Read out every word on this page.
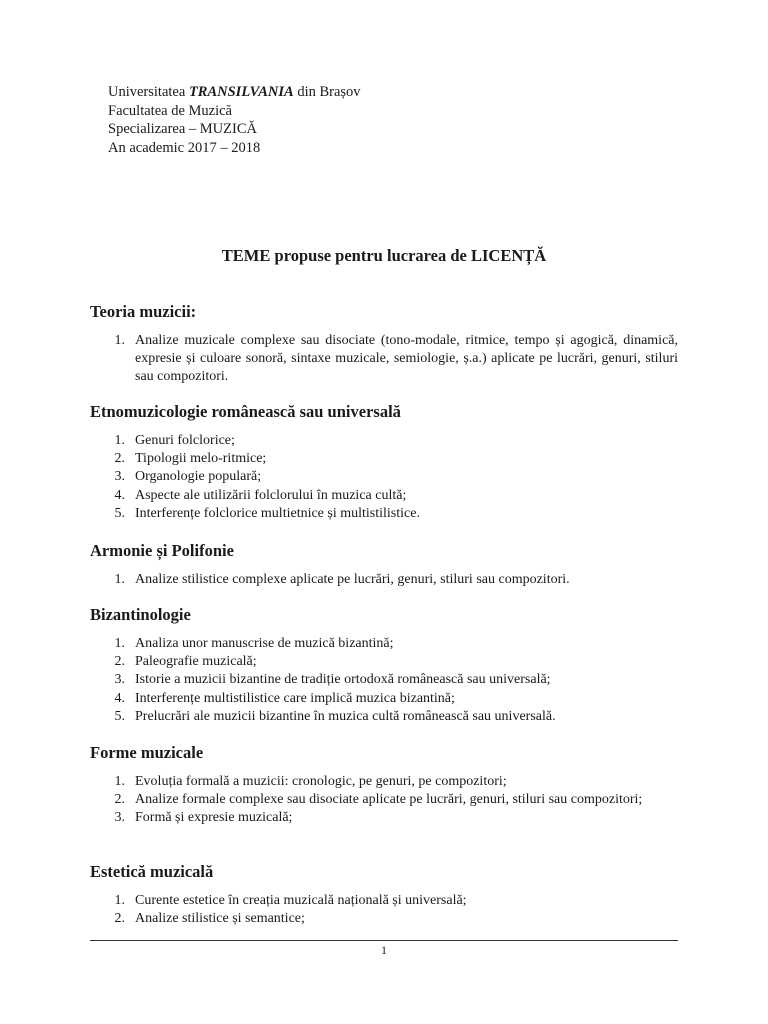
Universitatea TRANSILVANIA din Brașov
Facultatea de Muzică
Specializarea – MUZICĂ
An academic 2017 – 2018
TEME propuse pentru lucrarea de LICENȚĂ
Teoria muzicii:
1. Analize muzicale complexe sau disociate (tono-modale, ritmice, tempo și agogică, dinamică, expresie și culoare sonoră, sintaxe muzicale, semiologie, ș.a.) aplicate pe lucrări, genuri, stiluri sau compozitori.
Etnomuzicologie românească sau universală
1. Genuri folclorice;
2. Tipologii melo-ritmice;
3. Organologie populară;
4. Aspecte ale utilizării folclorului în muzica cultă;
5. Interferențe folclorice multietnice și multistilistice.
Armonie și Polifonie
1. Analize stilistice complexe aplicate pe lucrări, genuri, stiluri sau compozitori.
Bizantinologie
1. Analiza unor manuscrise de muzică bizantină;
2. Paleografie muzicală;
3. Istorie a muzicii bizantine de tradiție ortodoxă românească sau universală;
4. Interferențe multistilistice care implică muzica bizantină;
5. Prelucrări ale muzicii bizantine în muzica cultă românească sau universală.
Forme muzicale
1. Evoluția formală a muzicii: cronologic, pe genuri, pe compozitori;
2. Analize formale complexe sau disociate aplicate pe lucrări, genuri, stiluri sau compozitori;
3. Formă și expresie muzicală;
Estetică muzicală
1. Curente estetice în creația muzicală națională și universală;
2. Analize stilistice și semantice;
1
